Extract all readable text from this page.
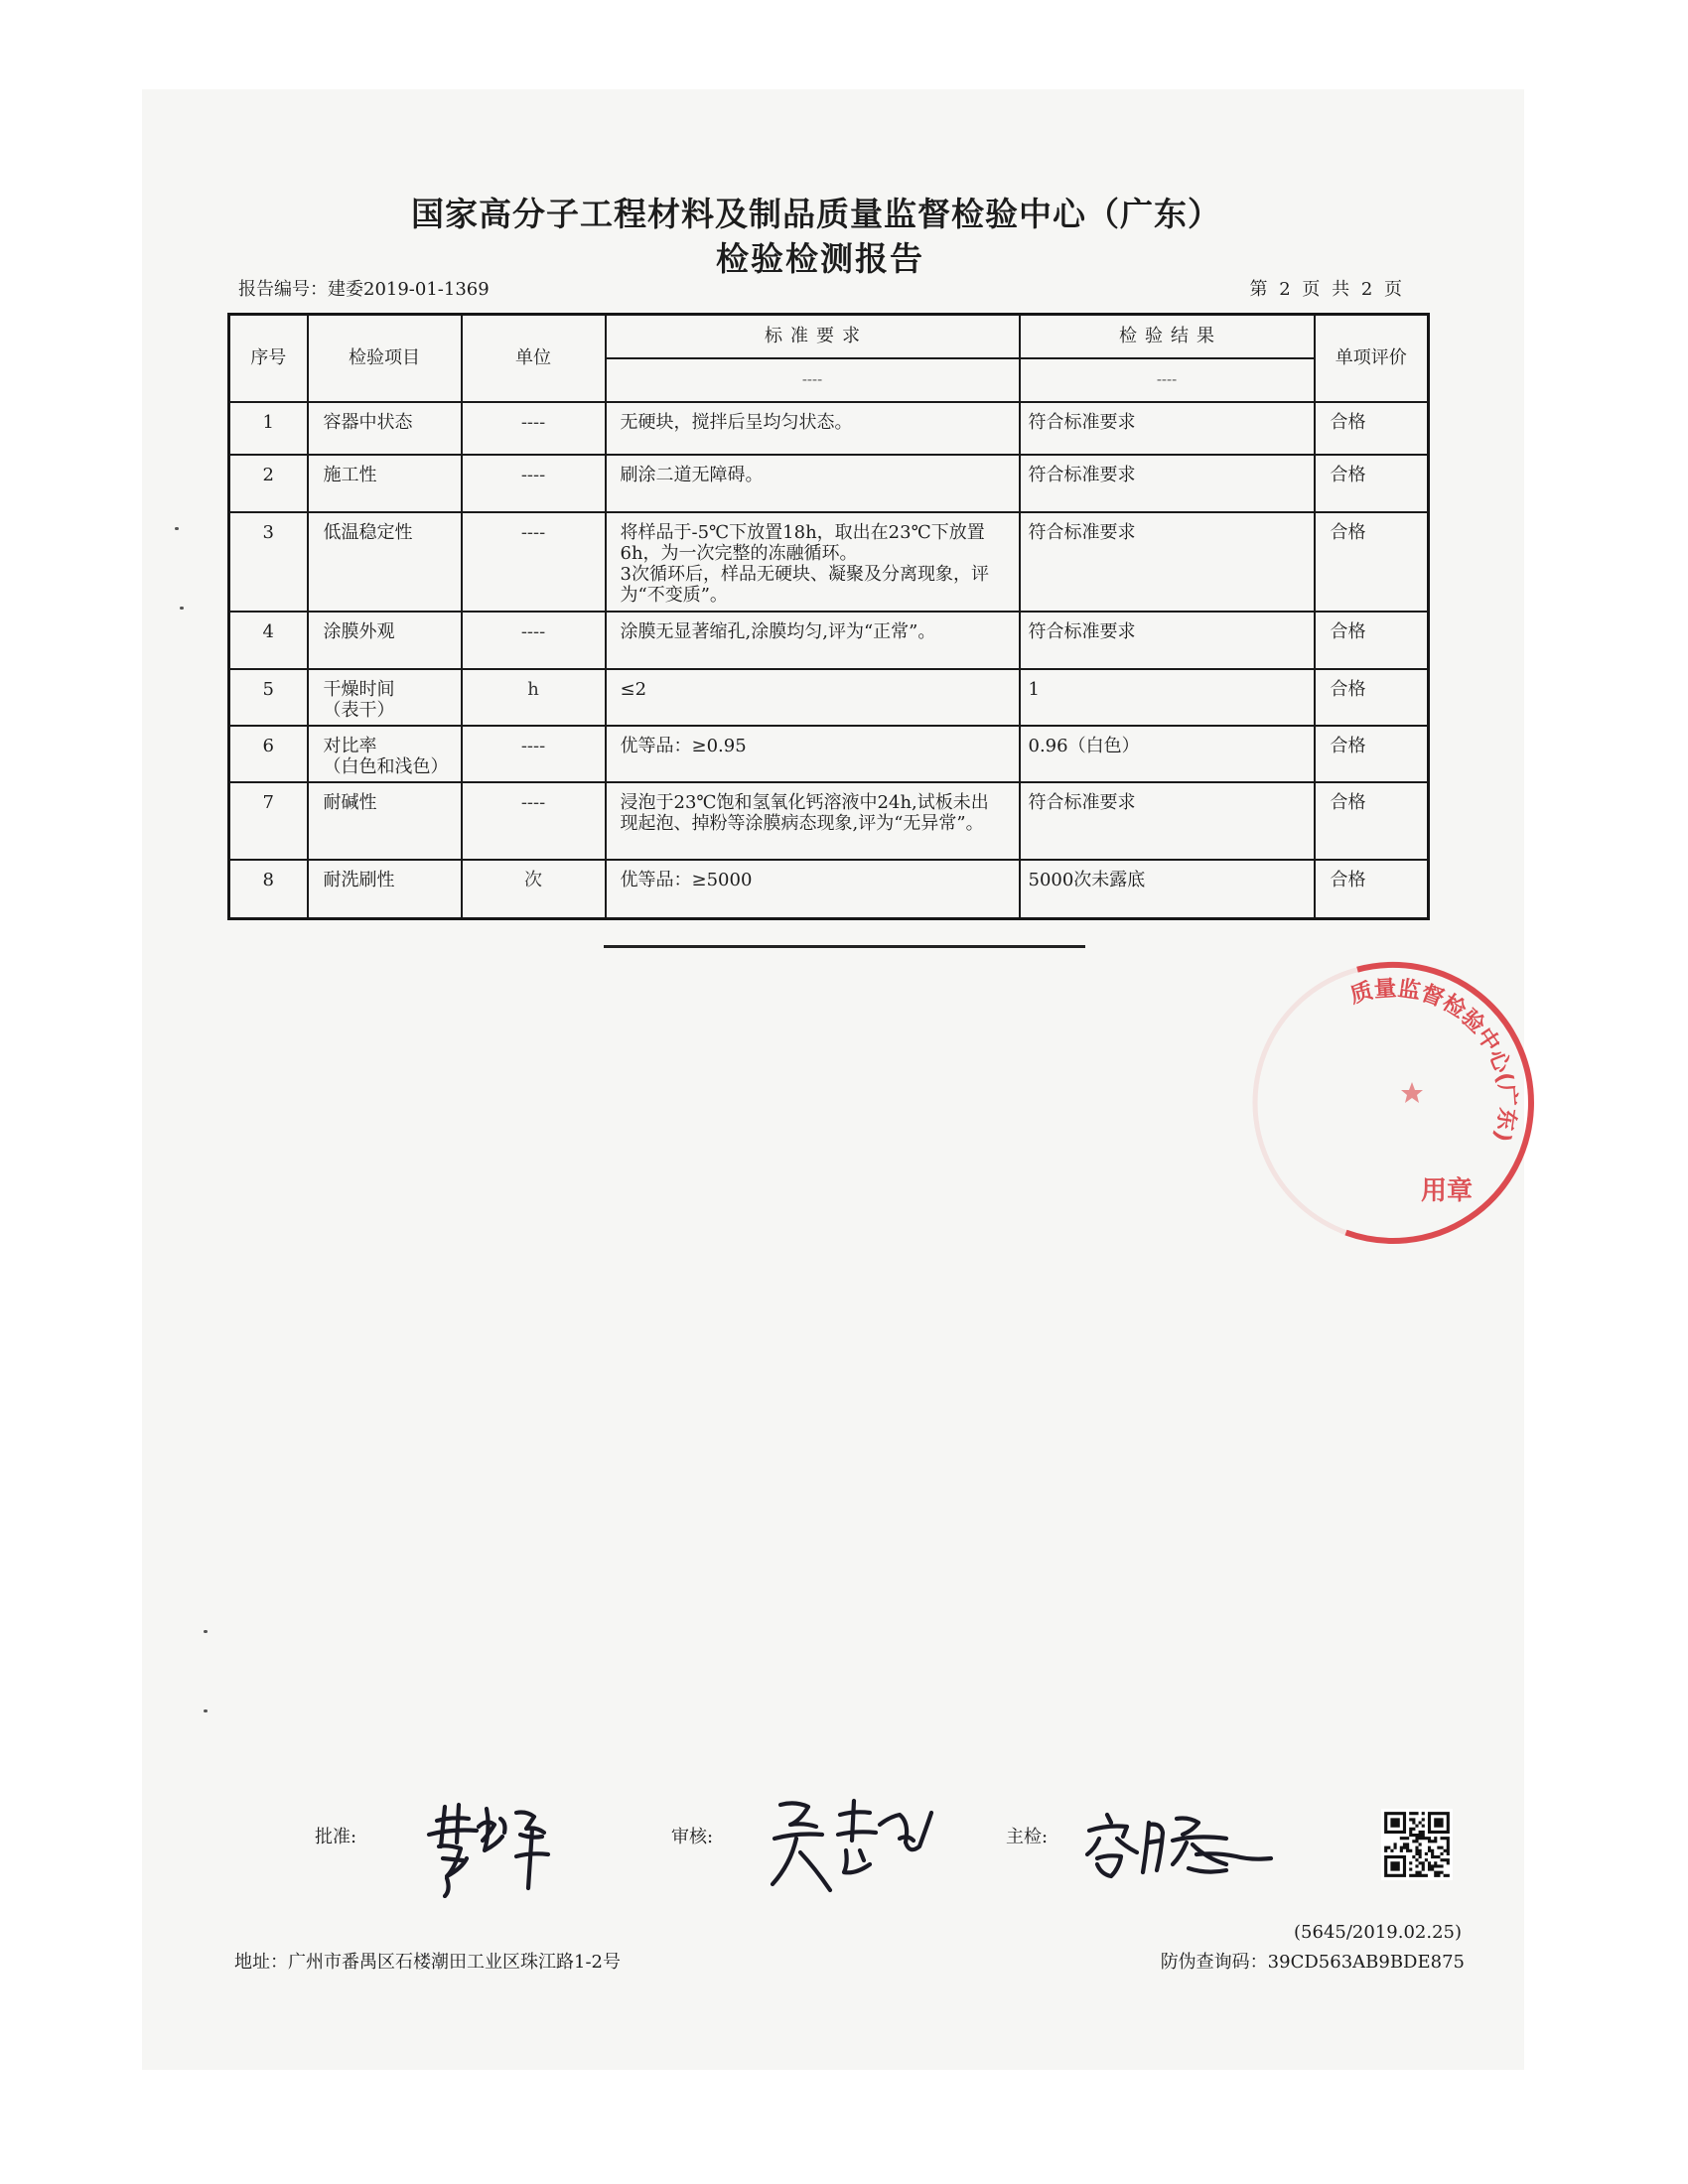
国家高分子工程材料及制品质量监督检验中心（广东）
检验检测报告
报告编号：建委2019-01-1369	第 2 页 共 2 页
序号	检验项目	单位	标准要求	检验结果	单项评价
			----	----	
1	容器中状态	----	无硬块，搅拌后呈均匀状态。	符合标准要求	合格
2	施工性	----	刷涂二道无障碍。	符合标准要求	合格
3	低温稳定性	----	将样品于-5℃下放置18h，取出在23℃下放置6h，为一次完整的冻融循环。
3次循环后，样品无硬块、凝聚及分离现象，评为“不变质”。	符合标准要求	合格
4	涂膜外观	----	涂膜无显著缩孔,涂膜均匀,评为“正常”。	符合标准要求	合格
5	干燥时间
（表干）	h	≤2	1	合格
6	对比率
（白色和浅色）	----	优等品：≥0.95	0.96（白色）	合格
7	耐碱性	----	浸泡于23℃饱和氢氧化钙溶液中24h,试板未出现起泡、掉粉等涂膜病态现象,评为“无异常”。	符合标准要求	合格
8	耐洗刷性	次	优等品：≥5000	5000次未露底	合格
质量监督检验中心(广东)
用章
批准:	审核:	主检:
(5645/2019.02.25)
地址：广州市番禺区石楼潮田工业区珠江路1-2号	防伪查询码：39CD563AB9BDE875
